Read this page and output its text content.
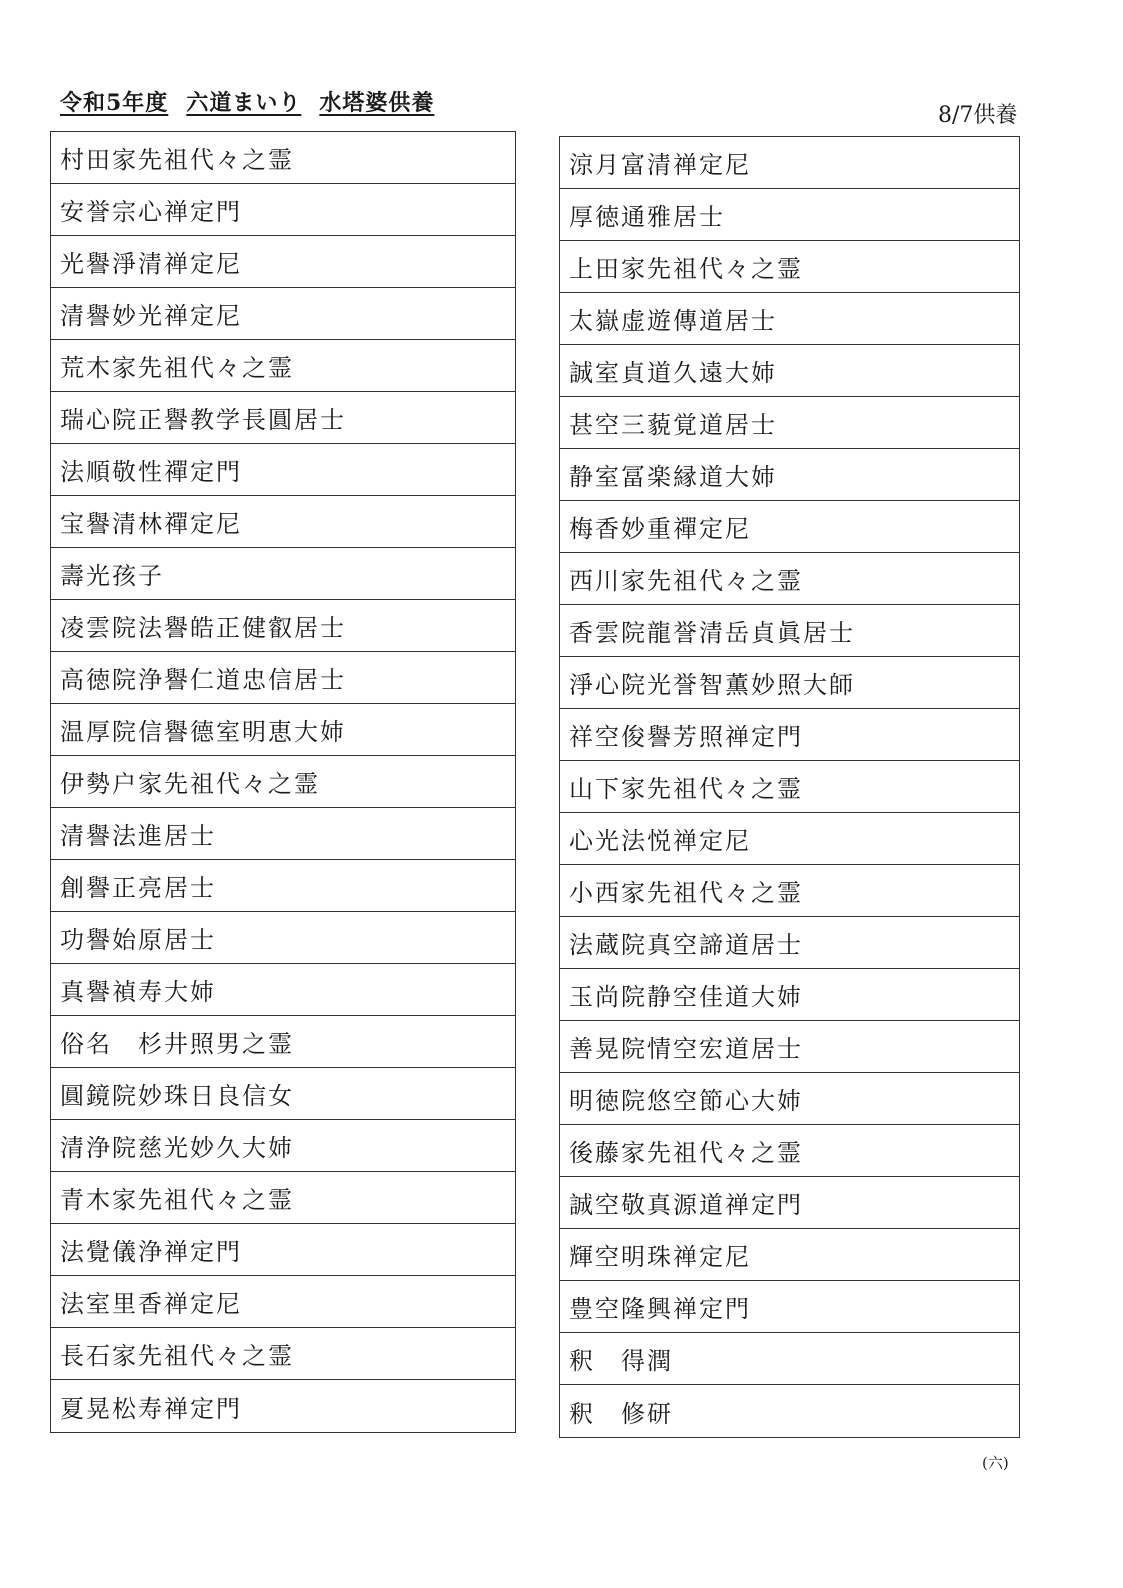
令和5年度 六道まいり 水塔婆供養	8/7供養
村田家先祖代々之霊
安誉宗心禅定門
光譽淨清禅定尼
清譽妙光禅定尼
荒木家先祖代々之霊
瑞心院正譽教学長圓居士
法順敬性禪定門
宝譽清林禪定尼
壽光孩子
凌雲院法譽皓正健叡居士
高徳院浄譽仁道忠信居士
温厚院信譽德室明恵大姉
伊勢户家先祖代々之霊
清譽法進居士
創譽正亮居士
功譽始原居士
真譽禎寿大姉
俗名　杉井照男之霊
圓鏡院妙珠日良信女
清浄院慈光妙久大姉
青木家先祖代々之霊
法覺儀浄禅定門
法室里香禅定尼
長石家先祖代々之霊
夏晃松寿禅定門
涼月富清禅定尼
厚徳通雅居士
上田家先祖代々之霊
太嶽虚遊傳道居士
誠室貞道久遠大姉
甚空三藐覚道居士
静室冨楽縁道大姉
梅香妙重禪定尼
西川家先祖代々之霊
香雲院龍誉清岳貞眞居士
淨心院光誉智薫妙照大師
祥空俊譽芳照禅定門
山下家先祖代々之霊
心光法悦禅定尼
小西家先祖代々之霊
法蔵院真空諦道居士
玉尚院静空佳道大姉
善晃院情空宏道居士
明徳院悠空節心大姉
後藤家先祖代々之霊
誠空敬真源道禅定門
輝空明珠禅定尼
豊空隆興禅定門
釈　得潤
釈　修研
(六)
